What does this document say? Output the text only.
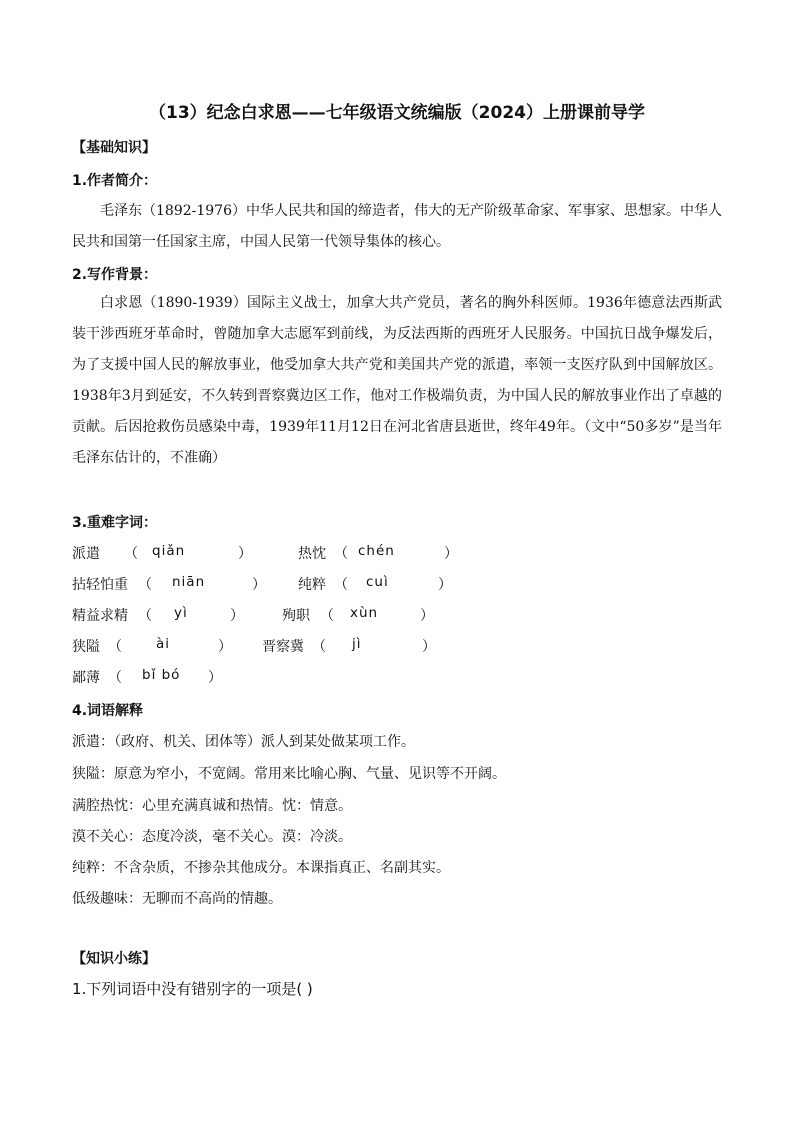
（13）纪念白求恩——七年级语文统编版（2024）上册课前导学
【基础知识】
1.作者简介：
毛泽东（1892-1976）中华人民共和国的缔造者，伟大的无产阶级革命家、军事家、思想家。中华人民共和国第一任国家主席，中国人民第一代领导集体的核心。
2.写作背景：
白求恩（1890-1939）国际主义战士，加拿大共产党员，著名的胸外科医师。1936年德意法西斯武装干涉西班牙革命时，曾随加拿大志愿军到前线，为反法西斯的西班牙人民服务。中国抗日战争爆发后，为了支援中国人民的解放事业，他受加拿大共产党和美国共产党的派遣，率领一支医疗队到中国解放区。1938年3月到延安，不久转到晋察冀边区工作，他对工作极端负责，为中国人民的解放事业作出了卓越的贡献。后因抢救伤员感染中毒，1939年11月12日在河北省唐县逝世，终年49年。（文中“50多岁”是当年毛泽东估计的，不准确）
3.重难字词：
派遣 （ qiǎn	）	热忱 （ chén	）
拈轻怕重 （ niān	） 纯粹 （ cuì	）
精益求精 （ yì	）	殉职 （ xùn	）
狭隘 （	ài	） 晋察冀 （ jì	）
鄙薄 （ bǐ bó ）
4.词语解释
派遣：（政府、机关、团体等）派人到某处做某项工作。
狭隘：原意为窄小，不宽阔。常用来比喻心胸、气量、见识等不开阔。
满腔热忱：心里充满真诚和热情。忱：情意。
漠不关心：态度冷淡，毫不关心。漠：冷淡。
纯粹：不含杂质，不掺杂其他成分。本课指真正、名副其实。
低级趣味：无聊而不高尚的情趣。
【知识小练】
1.下列词语中没有错别字的一项是( )
